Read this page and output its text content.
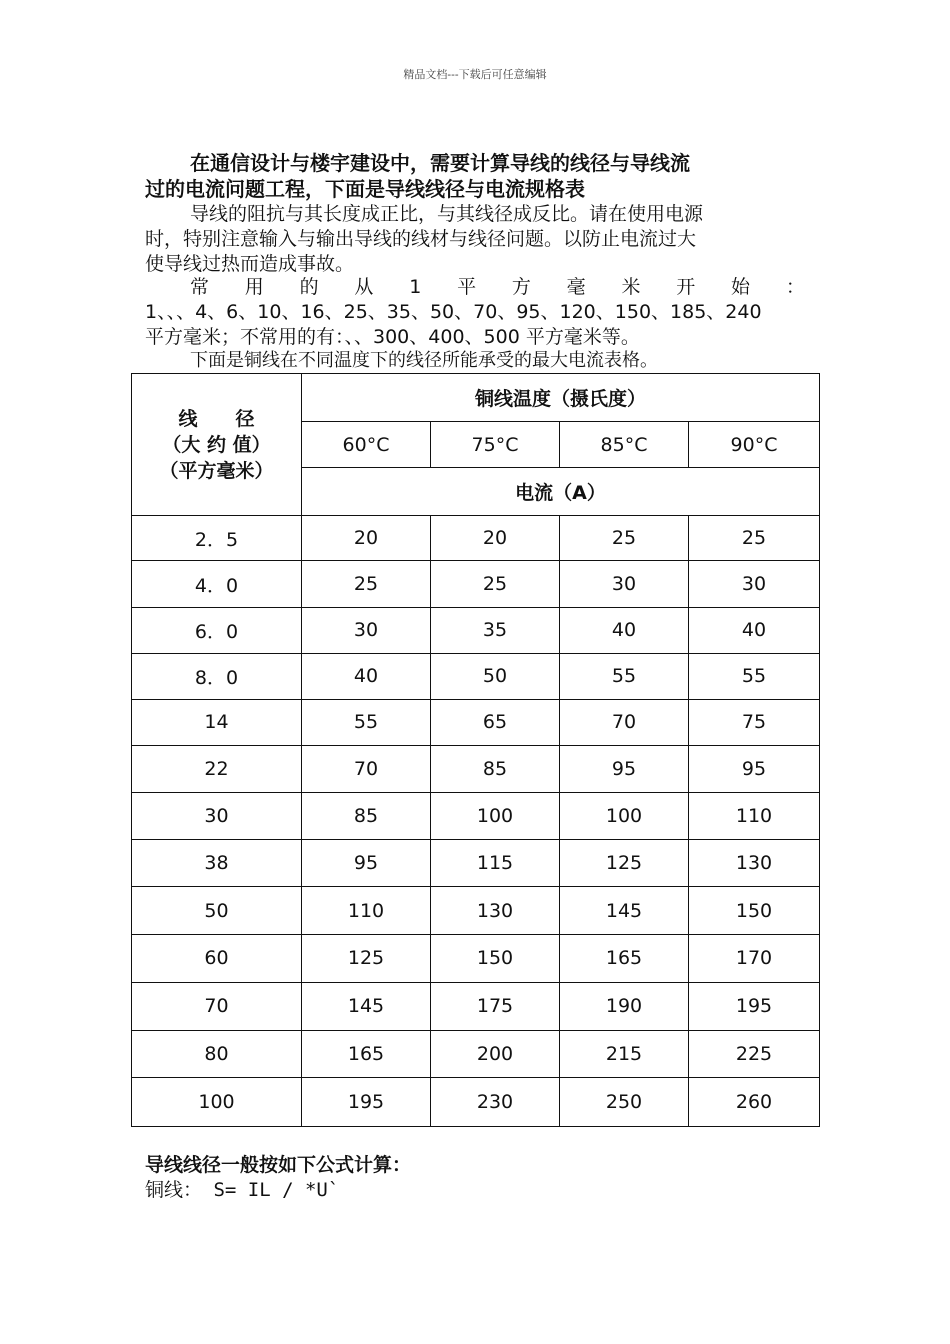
精品文档---下载后可任意编辑
在通信设计与楼宇建设中，需要计算导线的线径与导线流
过的电流问题工程，下面是导线线径与电流规格表
导线的阻抗与其长度成正比，与其线径成反比。请在使用电源
时，特别注意输入与输出导线的线材与线径问题。以防止电流过大
使导线过热而造成事故。
常 用 的 从 1 平 方 毫 米 开 始 ：
1、、、4、6、10、16、25、35、50、70、95、120、150、185、240
平方毫米；不常用的有：、、300、400、500 平方毫米等。
下面是铜线在不同温度下的线径所能承受的最大电流表格。
线　　径
（大 约 值）
（平方毫米）	铜线温度（摄氏度）			
	60°C	75°C	85°C	90°C
	电流（A）			
2．5	20	20	25	25
4．0	25	25	30	30
6．0	30	35	40	40
8．0	40	50	55	55
14	55	65	70	75
22	70	85	95	95
30	85	100	100	110
38	95	115	125	130
50	110	130	145	150
60	125	150	165	170
70	145	175	190	195
80	165	200	215	225
100	195	230	250	260
导线线径一般按如下公式计算：
铜线： S= IL / *U`
